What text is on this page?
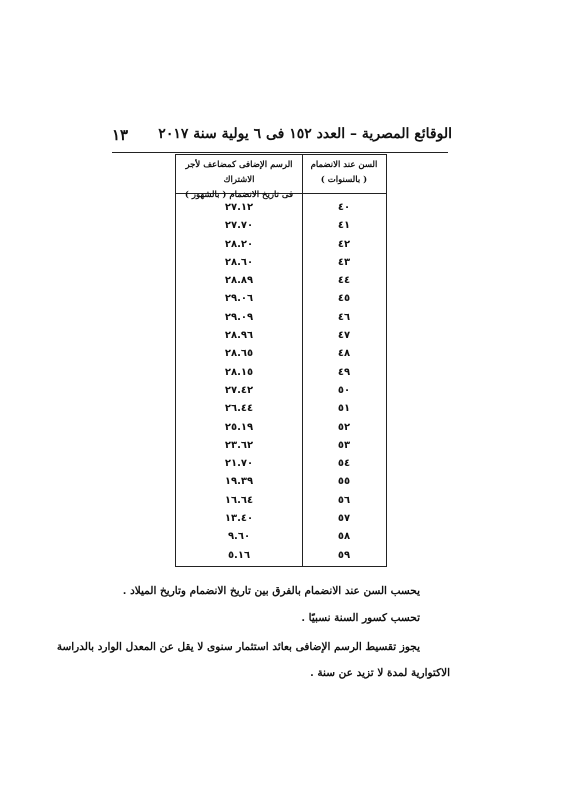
الوقائع المصرية – العدد ١٥٢ فى ٦ يولية سنة ٢٠١٧
١٣
السن عند الانضمام
( بالسنوات )
الرسم الإضافى كمضاعف لأجر الاشتراك
فى تاريخ الانضمام ( بالشهور )
٤٠
٢٧.١٢
٤١
٢٧.٧٠
٤٢
٢٨.٢٠
٤٣
٢٨.٦٠
٤٤
٢٨.٨٩
٤٥
٢٩.٠٦
٤٦
٢٩.٠٩
٤٧
٢٨.٩٦
٤٨
٢٨.٦٥
٤٩
٢٨.١٥
٥٠
٢٧.٤٢
٥١
٢٦.٤٤
٥٢
٢٥.١٩
٥٣
٢٣.٦٢
٥٤
٢١.٧٠
٥٥
١٩.٣٩
٥٦
١٦.٦٤
٥٧
١٣.٤٠
٥٨
٩.٦٠
٥٩
٥.١٦
يحسب السن عند الانضمام بالفرق بين تاريخ الانضمام وتاريخ الميلاد .
تحسب كسور السنة نسبيًا .
يجوز تقسيط الرسم الإضافى بعائد استثمار سنوى لا يقل عن المعدل الوارد بالدراسة
الاكتوارية لمدة لا تزيد عن سنة .
